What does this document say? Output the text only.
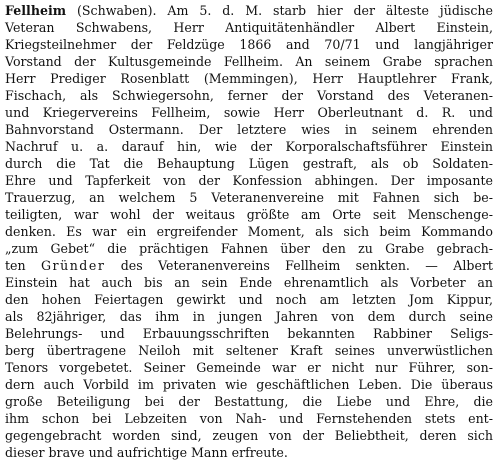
Fellheim (Schwaben). Am 5. d. M. starb hier der älteste jüdische
Veteran Schwabens, Herr Antiquitätenhändler Albert Einstein,
Kriegsteilnehmer der Feldzüge 1866 and 70/71 und langjähriger
Vorstand der Kultusgemeinde Fellheim. An seinem Grabe sprachen
Herr Prediger Rosenblatt (Memmingen), Herr Hauptlehrer Frank,
Fischach, als Schwiegersohn, ferner der Vorstand des Veteranen-
und Kriegervereins Fellheim, sowie Herr Oberleutnant d. R. und
Bahnvorstand Ostermann. Der letztere wies in seinem ehrenden
Nachruf u. a. darauf hin, wie der Korporalschaftsführer Einstein
durch die Tat die Behauptung Lügen gestraft, als ob Soldaten-
Ehre und Tapferkeit von der Konfession abhingen. Der imposante
Trauerzug, an welchem 5 Veteranenvereine mit Fahnen sich be-
teiligten, war wohl der weitaus größte am Orte seit Menschenge-
denken. Es war ein ergreifender Moment, als sich beim Kommando
„zum Gebet“ die prächtigen Fahnen über den zu Grabe gebrach-
ten Gründer des Veteranenvereins Fellheim senkten. — Albert
Einstein hat auch bis an sein Ende ehrenamtlich als Vorbeter an
den hohen Feiertagen gewirkt und noch am letzten Jom Kippur,
als 82jähriger, das ihm in jungen Jahren von dem durch seine
Belehrungs- und Erbauungsschriften bekannten Rabbiner Seligs-
berg übertragene Neiloh mit seltener Kraft seines unverwüstlichen
Tenors vorgebetet. Seiner Gemeinde war er nicht nur Führer, son-
dern auch Vorbild im privaten wie geschäftlichen Leben. Die überaus
große Beteiligung bei der Bestattung, die Liebe und Ehre, die
ihm schon bei Lebzeiten von Nah- und Fernstehenden stets ent-
gegengebracht worden sind, zeugen von der Beliebtheit, deren sich
dieser brave und aufrichtige Mann erfreute.
